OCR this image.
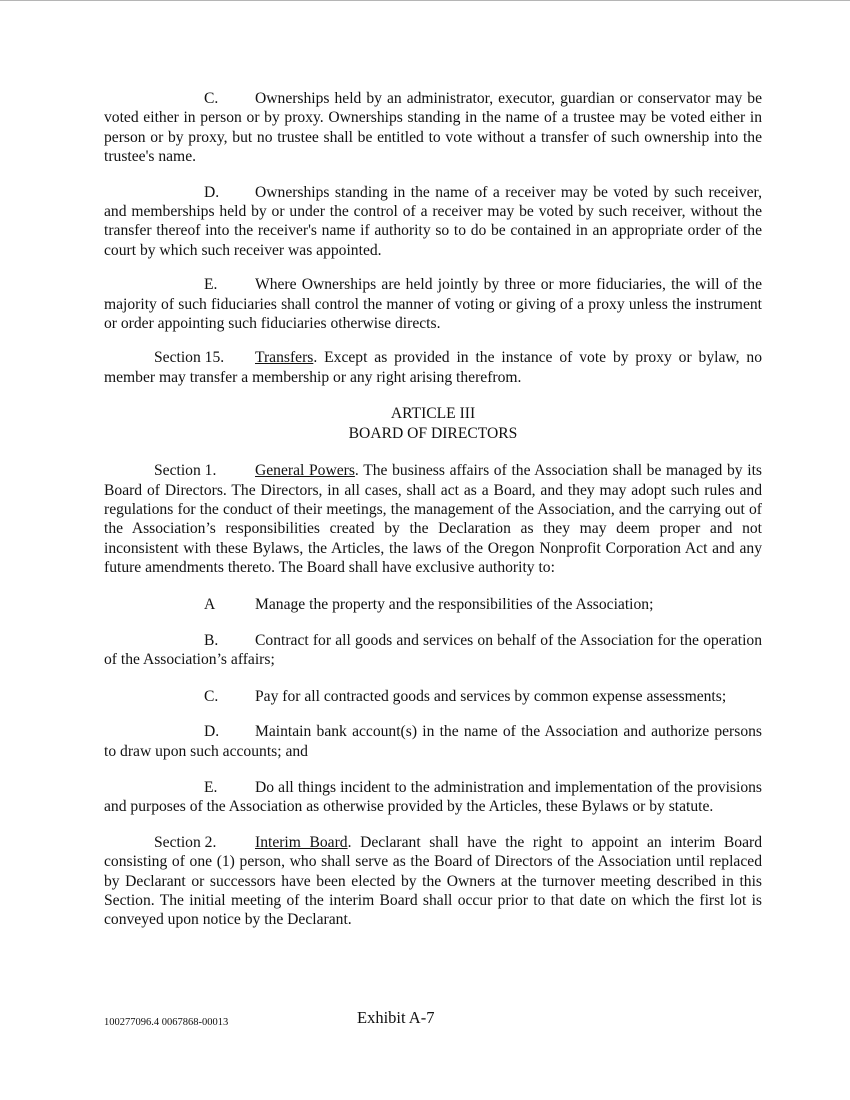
C. Ownerships held by an administrator, executor, guardian or conservator may be voted either in person or by proxy. Ownerships standing in the name of a trustee may be voted either in person or by proxy, but no trustee shall be entitled to vote without a transfer of such ownership into the trustee's name.

D. Ownerships standing in the name of a receiver may be voted by such receiver, and memberships held by or under the control of a receiver may be voted by such receiver, without the transfer thereof into the receiver's name if authority so to do be contained in an appropriate order of the court by which such receiver was appointed.

E. Where Ownerships are held jointly by three or more fiduciaries, the will of the majority of such fiduciaries shall control the manner of voting or giving of a proxy unless the instrument or order appointing such fiduciaries otherwise directs.

Section 15. Transfers. Except as provided in the instance of vote by proxy or bylaw, no member may transfer a membership or any right arising therefrom.

ARTICLE III
BOARD OF DIRECTORS

Section 1. General Powers. The business affairs of the Association shall be managed by its Board of Directors. The Directors, in all cases, shall act as a Board, and they may adopt such rules and regulations for the conduct of their meetings, the management of the Association, and the carrying out of the Association’s responsibilities created by the Declaration as they may deem proper and not inconsistent with these Bylaws, the Articles, the laws of the Oregon Nonprofit Corporation Act and any future amendments thereto. The Board shall have exclusive authority to:

A	Manage the property and the responsibilities of the Association;

B. Contract for all goods and services on behalf of the Association for the operation of the Association’s affairs;

C. Pay for all contracted goods and services by common expense assessments;

D. Maintain bank account(s) in the name of the Association and authorize persons to draw upon such accounts; and

E. Do all things incident to the administration and implementation of the provisions and purposes of the Association as otherwise provided by the Articles, these Bylaws or by statute.

Section 2. Interim Board. Declarant shall have the right to appoint an interim Board consisting of one (1) person, who shall serve as the Board of Directors of the Association until replaced by Declarant or successors have been elected by the Owners at the turnover meeting described in this Section. The initial meeting of the interim Board shall occur prior to that date on which the first lot is conveyed upon notice by the Declarant.

100277096.4 0067868-00013	Exhibit A-7
